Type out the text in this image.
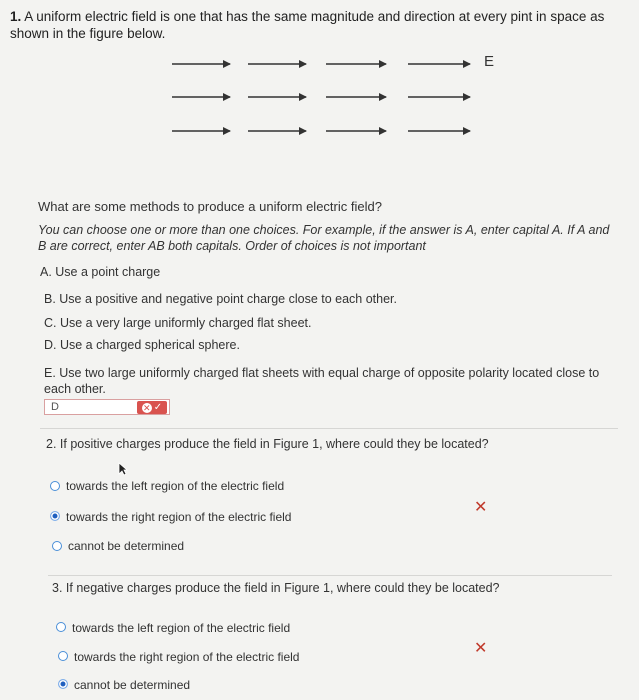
1. A uniform electric field is one that has the same magnitude and direction at every pint in space as shown in the figure below.
E
What are some methods to produce a uniform electric field?
You can choose one or more than one choices. For example, if the answer is A, enter capital A. If A and B are correct, enter AB both capitals. Order of choices is not important
A. Use a point charge
B. Use a positive and negative point charge close to each other.
C. Use a very large uniformly charged flat sheet.
D. Use a charged spherical sphere.
E. Use two large uniformly charged flat sheets with equal charge of opposite polarity located close to each other.
D	✕ ✓
2. If positive charges produce the field in Figure 1, where could they be located?
towards the left region of the electric field
towards the right region of the electric field
✕
cannot be determined
3. If negative charges produce the field in Figure 1, where could they be located?
towards the left region of the electric field
towards the right region of the electric field	✕
cannot be determined
